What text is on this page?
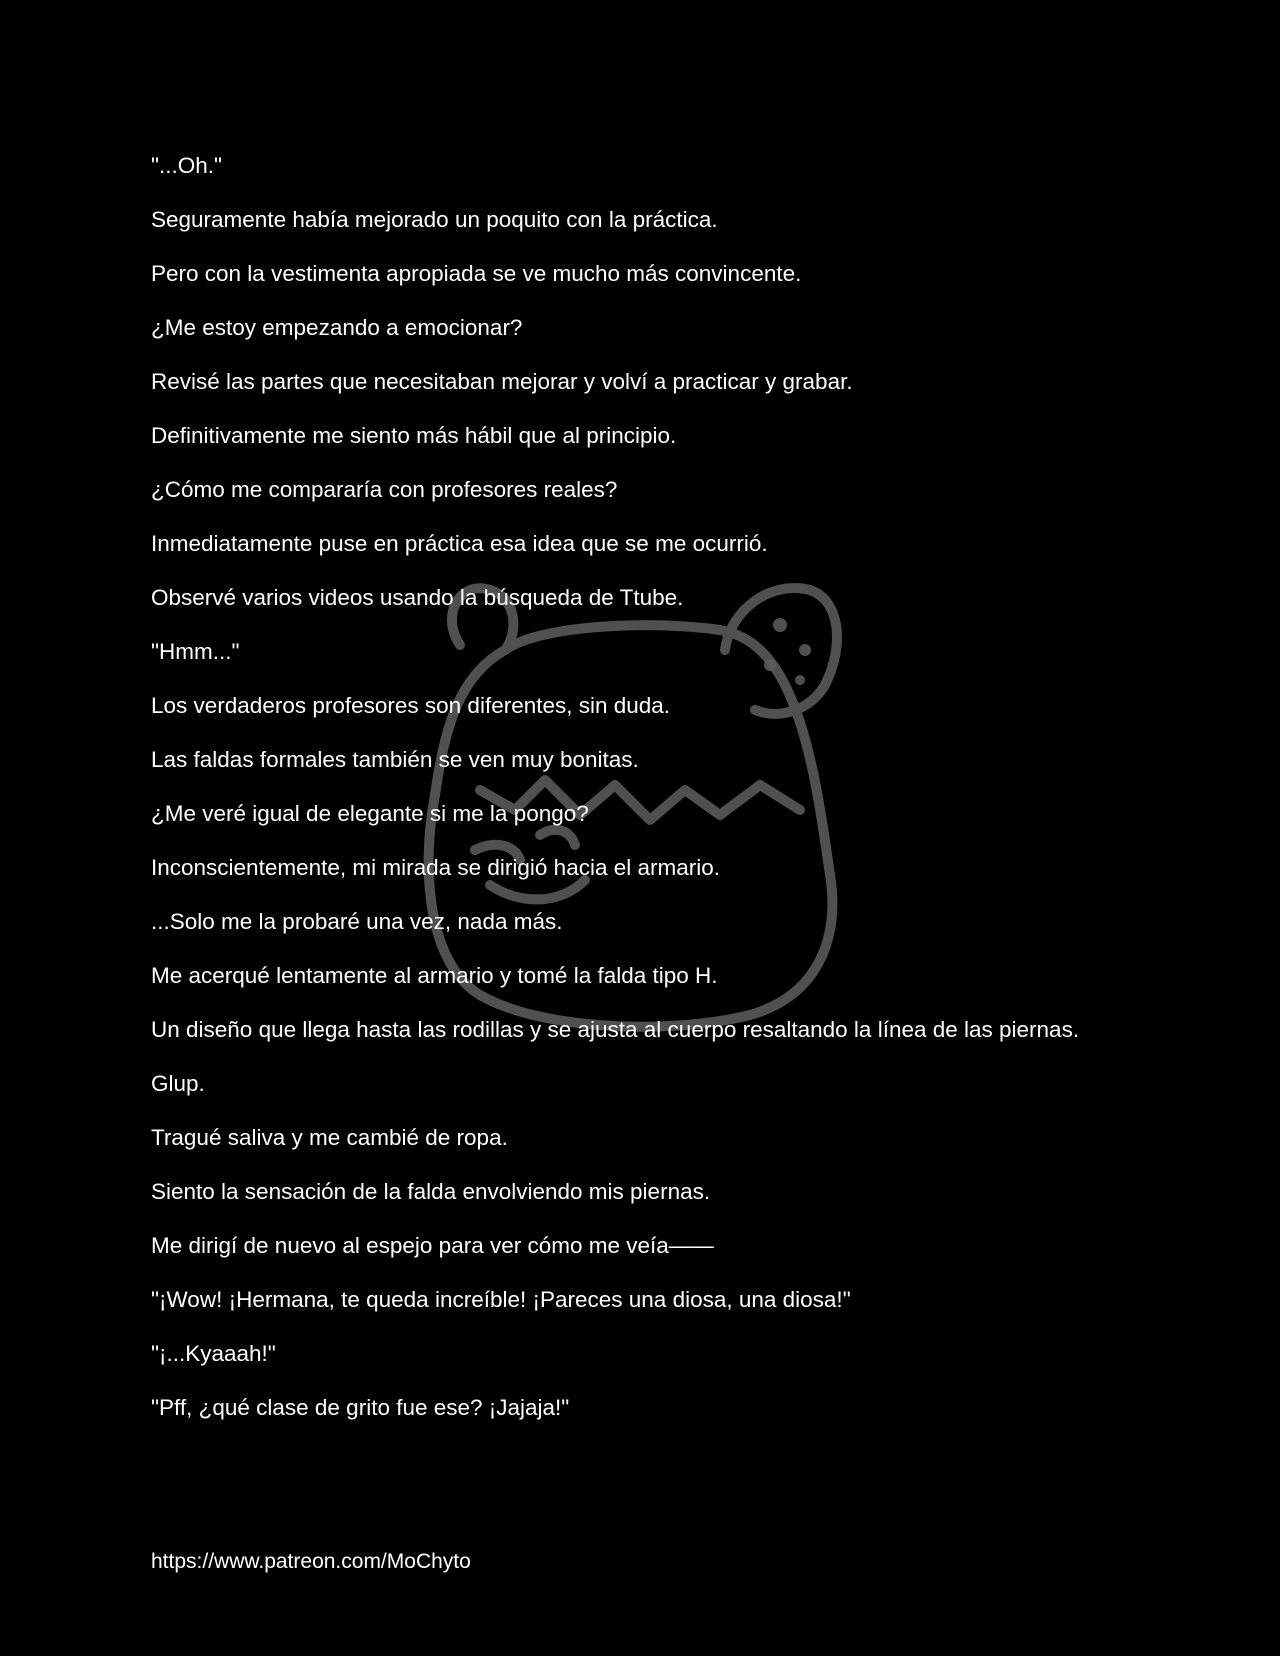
"...Oh."

Seguramente había mejorado un poquito con la práctica.

Pero con la vestimenta apropiada se ve mucho más convincente.

¿Me estoy empezando a emocionar?

Revisé las partes que necesitaban mejorar y volví a practicar y grabar.

Definitivamente me siento más hábil que al principio.

¿Cómo me compararía con profesores reales?

Inmediatamente puse en práctica esa idea que se me ocurrió.

Observé varios videos usando la búsqueda de Ttube.

"Hmm..."

Los verdaderos profesores son diferentes, sin duda.

Las faldas formales también se ven muy bonitas.

¿Me veré igual de elegante si me la pongo?

Inconscientemente, mi mirada se dirigió hacia el armario.

...Solo me la probaré una vez, nada más.

Me acerqué lentamente al armario y tomé la falda tipo H.

Un diseño que llega hasta las rodillas y se ajusta al cuerpo resaltando la línea de las piernas.

Glup.

Tragué saliva y me cambié de ropa.

Siento la sensación de la falda envolviendo mis piernas.

Me dirigí de nuevo al espejo para ver cómo me veía——

"¡Wow! ¡Hermana, te queda increíble! ¡Pareces una diosa, una diosa!"

"¡...Kyaaah!"

"Pff, ¿qué clase de grito fue ese? ¡Jajaja!"

https://www.patreon.com/MoChyto
